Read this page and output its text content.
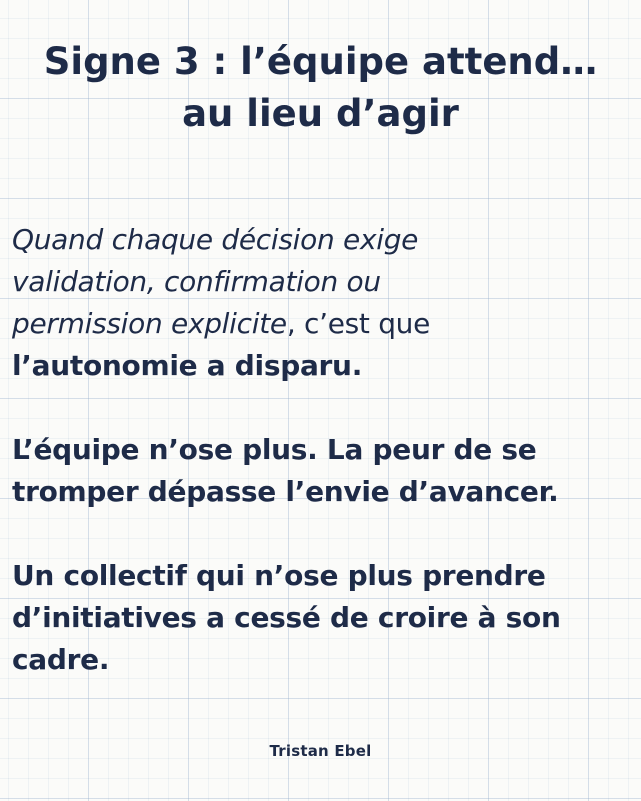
Signe 3 : l’équipe attend…
au lieu d’agir

Quand chaque décision exige
validation, confirmation ou
permission explicite, c’est que
l’autonomie a disparu.

L’équipe n’ose plus. La peur de se
tromper dépasse l’envie d’avancer.

Un collectif qui n’ose plus prendre
d’initiatives a cessé de croire à son
cadre.

Tristan Ebel
